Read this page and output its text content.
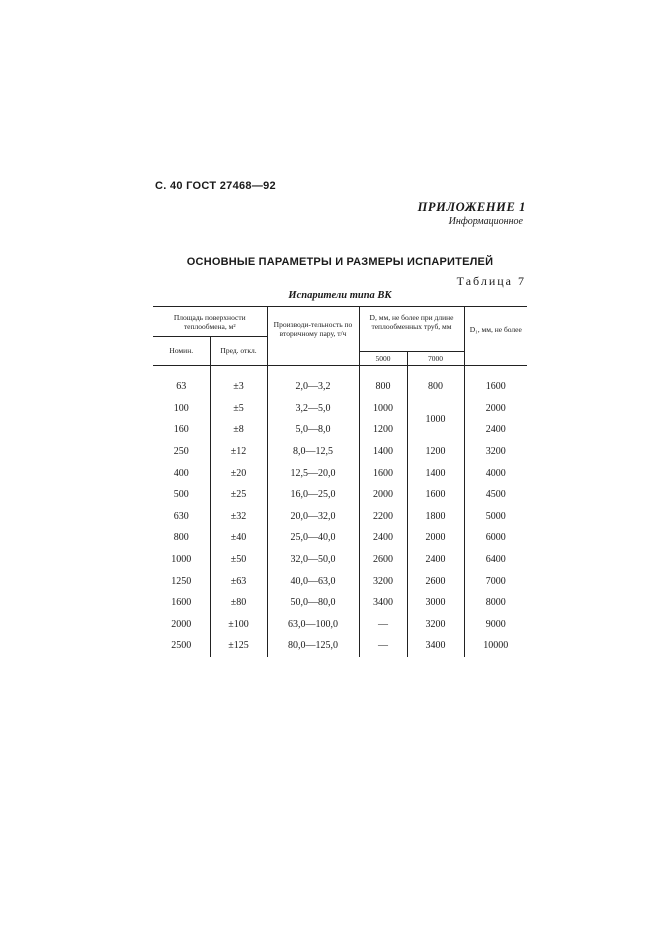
С. 40 ГОСТ 27468—92
ПРИЛОЖЕНИЕ 1
Информационное
ОСНОВНЫЕ ПАРАМЕТРЫ И РАЗМЕРЫ ИСПАРИТЕЛЕЙ
Таблица 7
Испарители типа ВК
Площадь поверхности теплообмена, м²		Производи-тельность по вторичному пару, т/ч	D, мм, не более при длине теплообменных труб, мм		D₁, мм, не более
Номин.	Пред. откл.				
			5000	7000	

63	±3	2,0—3,2	800	800	1600
100	±5	3,2—5,0	1000	1000	2000
160	±8	5,0—8,0	1200		2400
250	±12	8,0—12,5	1400	1200	3200
400	±20	12,5—20,0	1600	1400	4000
500	±25	16,0—25,0	2000	1600	4500
630	±32	20,0—32,0	2200	1800	5000
800	±40	25,0—40,0	2400	2000	6000
1000	±50	32,0—50,0	2600	2400	6400
1250	±63	40,0—63,0	3200	2600	7000
1600	±80	50,0—80,0	3400	3000	8000
2000	±100	63,0—100,0	—	3200	9000
2500	±125	80,0—125,0	—	3400	10000
